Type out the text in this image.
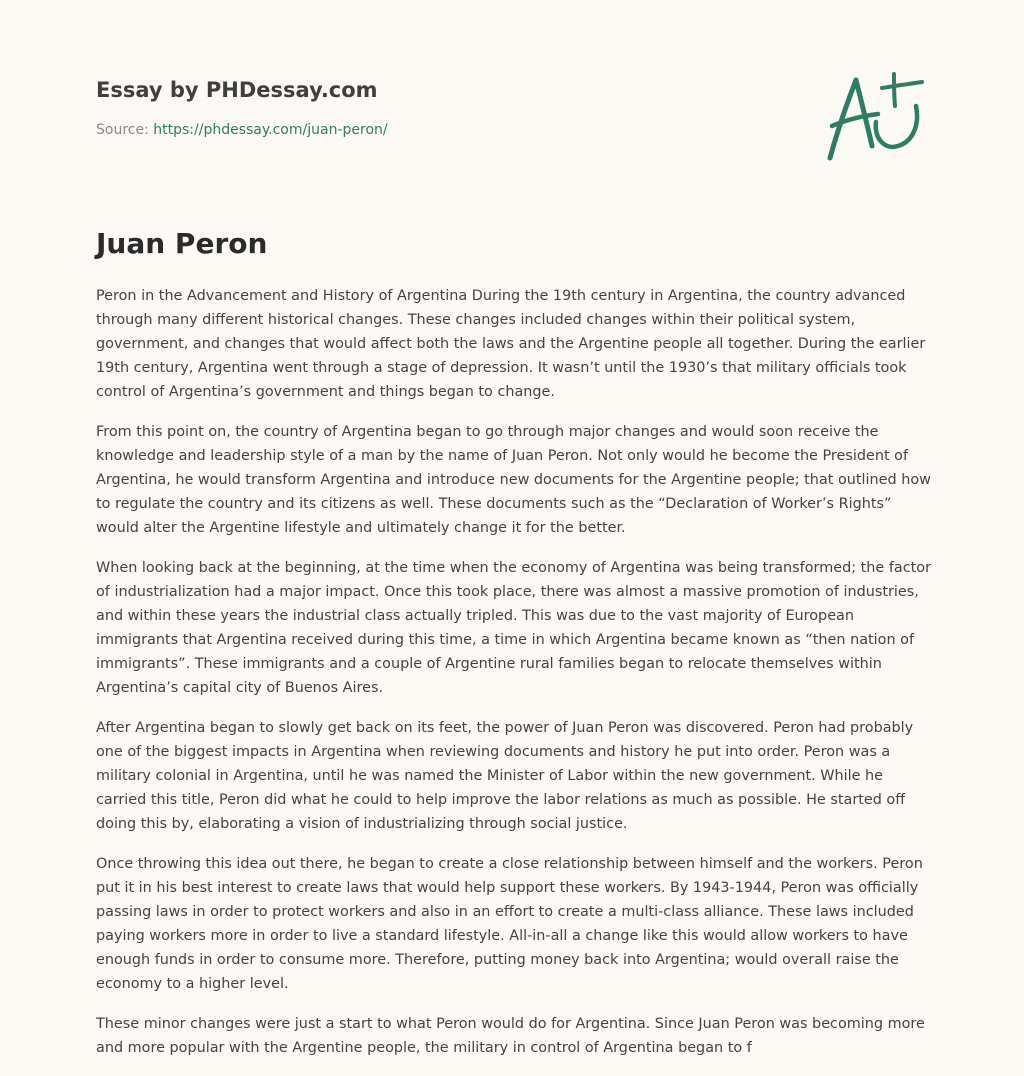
Essay by PHDessay.com
Source: https://phdessay.com/juan-peron/
Juan Peron

Peron in the Advancement and History of Argentina During the 19th century in Argentina, the country advanced through many different historical changes. These changes included changes within their political system, government, and changes that would affect both the laws and the Argentine people all together. During the earlier 19th century, Argentina went through a stage of depression. It wasn’t until the 1930’s that military officials took control of Argentina’s government and things began to change.

From this point on, the country of Argentina began to go through major changes and would soon receive the knowledge and leadership style of a man by the name of Juan Peron. Not only would he become the President of Argentina, he would transform Argentina and introduce new documents for the Argentine people; that outlined how to regulate the country and its citizens as well. These documents such as the “Declaration of Worker’s Rights” would alter the Argentine lifestyle and ultimately change it for the better.

When looking back at the beginning, at the time when the economy of Argentina was being transformed; the factor of industrialization had a major impact. Once this took place, there was almost a massive promotion of industries, and within these years the industrial class actually tripled. This was due to the vast majority of European immigrants that Argentina received during this time, a time in which Argentina became known as “then nation of immigrants”. These immigrants and a couple of Argentine rural families began to relocate themselves within Argentina’s capital city of Buenos Aires.

After Argentina began to slowly get back on its feet, the power of Juan Peron was discovered. Peron had probably one of the biggest impacts in Argentina when reviewing documents and history he put into order. Peron was a military colonial in Argentina, until he was named the Minister of Labor within the new government. While he carried this title, Peron did what he could to help improve the labor relations as much as possible. He started off doing this by, elaborating a vision of industrializing through social justice.

Once throwing this idea out there, he began to create a close relationship between himself and the workers. Peron put it in his best interest to create laws that would help support these workers. By 1943-1944, Peron was officially passing laws in order to protect workers and also in an effort to create a multi-class alliance. These laws included paying workers more in order to live a standard lifestyle. All-in-all a change like this would allow workers to have enough funds in order to consume more. Therefore, putting money back into Argentina; would overall raise the economy to a higher level.

These minor changes were just a start to what Peron would do for Argentina. Since Juan Peron was becoming more and more popular with the Argentine people, the military in control of Argentina began to f
